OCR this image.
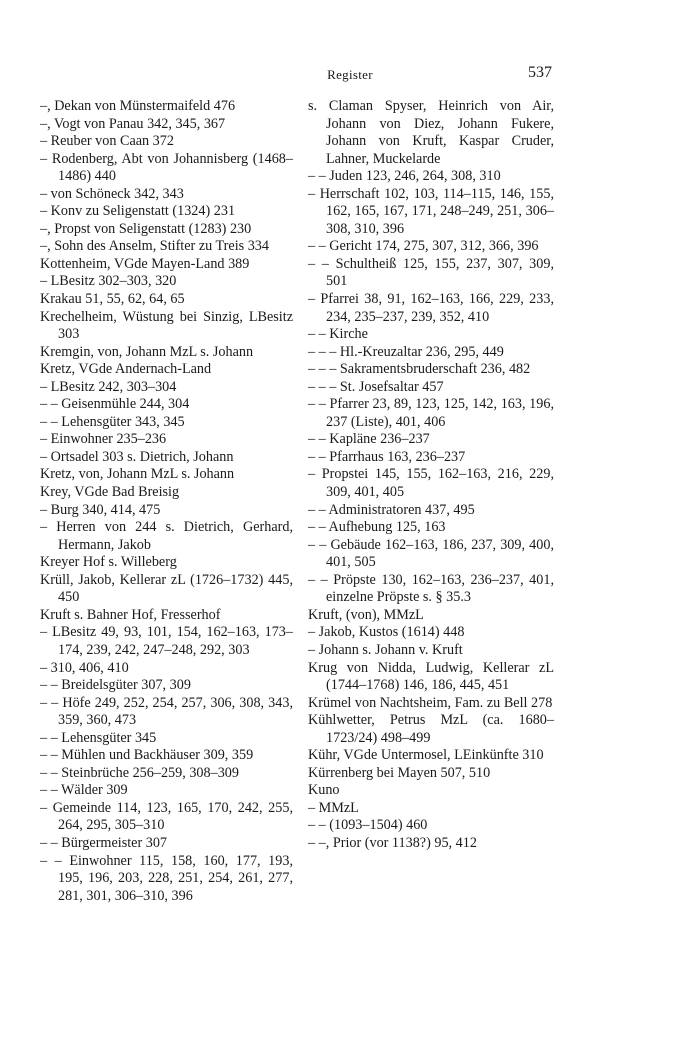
Register	537
–, Dekan von Münstermaifeld 476
–, Vogt von Panau 342, 345, 367
– Reuber von Caan 372
– Rodenberg, Abt von Johannisberg (1468–1486) 440
– von Schöneck 342, 343
– Konv zu Seligenstatt (1324) 231
–, Propst von Seligenstatt (1283) 230
–, Sohn des Anselm, Stifter zu Treis 334
Kottenheim, VGde Mayen-Land 389
– LBesitz 302–303, 320
Krakau 51, 55, 62, 64, 65
Krechelheim, Wüstung bei Sinzig, LBesitz 303
Kremgin, von, Johann MzL s. Johann
Kretz, VGde Andernach-Land
– LBesitz 242, 303–304
– – Geisenmühle 244, 304
– – Lehensgüter 343, 345
– Einwohner 235–236
– Ortsadel 303 s. Dietrich, Johann
Kretz, von, Johann MzL s. Johann
Krey, VGde Bad Breisig
– Burg 340, 414, 475
– Herren von 244 s. Dietrich, Gerhard, Hermann, Jakob
Kreyer Hof s. Willeberg
Krüll, Jakob, Kellerar zL (1726–1732) 445, 450
Kruft s. Bahner Hof, Fresserhof
– LBesitz 49, 93, 101, 154, 162–163, 173–174, 239, 242, 247–248, 292, 303
– 310, 406, 410
– – Breidelsgüter 307, 309
– – Höfe 249, 252, 254, 257, 306, 308, 343, 359, 360, 473
– – Lehensgüter 345
– – Mühlen und Backhäuser 309, 359
– – Steinbrüche 256–259, 308–309
– – Wälder 309
– Gemeinde 114, 123, 165, 170, 242, 255, 264, 295, 305–310
– – Bürgermeister 307
– – Einwohner 115, 158, 160, 177, 193, 195, 196, 203, 228, 251, 254, 261, 277, 281, 301, 306–310, 396
s. Claman Spyser, Heinrich von Air, Johann von Diez, Johann Fukere, Johann von Kruft, Kaspar Cruder, Lahner, Muckelarde
– – Juden 123, 246, 264, 308, 310
– Herrschaft 102, 103, 114–115, 146, 155, 162, 165, 167, 171, 248–249, 251, 306–308, 310, 396
– – Gericht 174, 275, 307, 312, 366, 396
– – Schultheiß 125, 155, 237, 307, 309, 501
– Pfarrei 38, 91, 162–163, 166, 229, 233, 234, 235–237, 239, 352, 410
– – Kirche
– – – Hl.-Kreuzaltar 236, 295, 449
– – – Sakramentsbruderschaft 236, 482
– – – St. Josefsaltar 457
– – Pfarrer 23, 89, 123, 125, 142, 163, 196, 237 (Liste), 401, 406
– – Kapläne 236–237
– – Pfarrhaus 163, 236–237
– Propstei 145, 155, 162–163, 216, 229, 309, 401, 405
– – Administratoren 437, 495
– – Aufhebung 125, 163
– – Gebäude 162–163, 186, 237, 309, 400, 401, 505
– – Pröpste 130, 162–163, 236–237, 401, einzelne Pröpste s. § 35.3
Kruft, (von), MMzL
– Jakob, Kustos (1614) 448
– Johann s. Johann v. Kruft
Krug von Nidda, Ludwig, Kellerar zL (1744–1768) 146, 186, 445, 451
Krümel von Nachtsheim, Fam. zu Bell 278
Kühlwetter, Petrus MzL (ca. 1680–1723/24) 498–499
Kühr, VGde Untermosel, LEinkünfte 310
Kürrenberg bei Mayen 507, 510
Kuno
– MMzL
– – (1093–1504) 460
– –, Prior (vor 1138?) 95, 412
